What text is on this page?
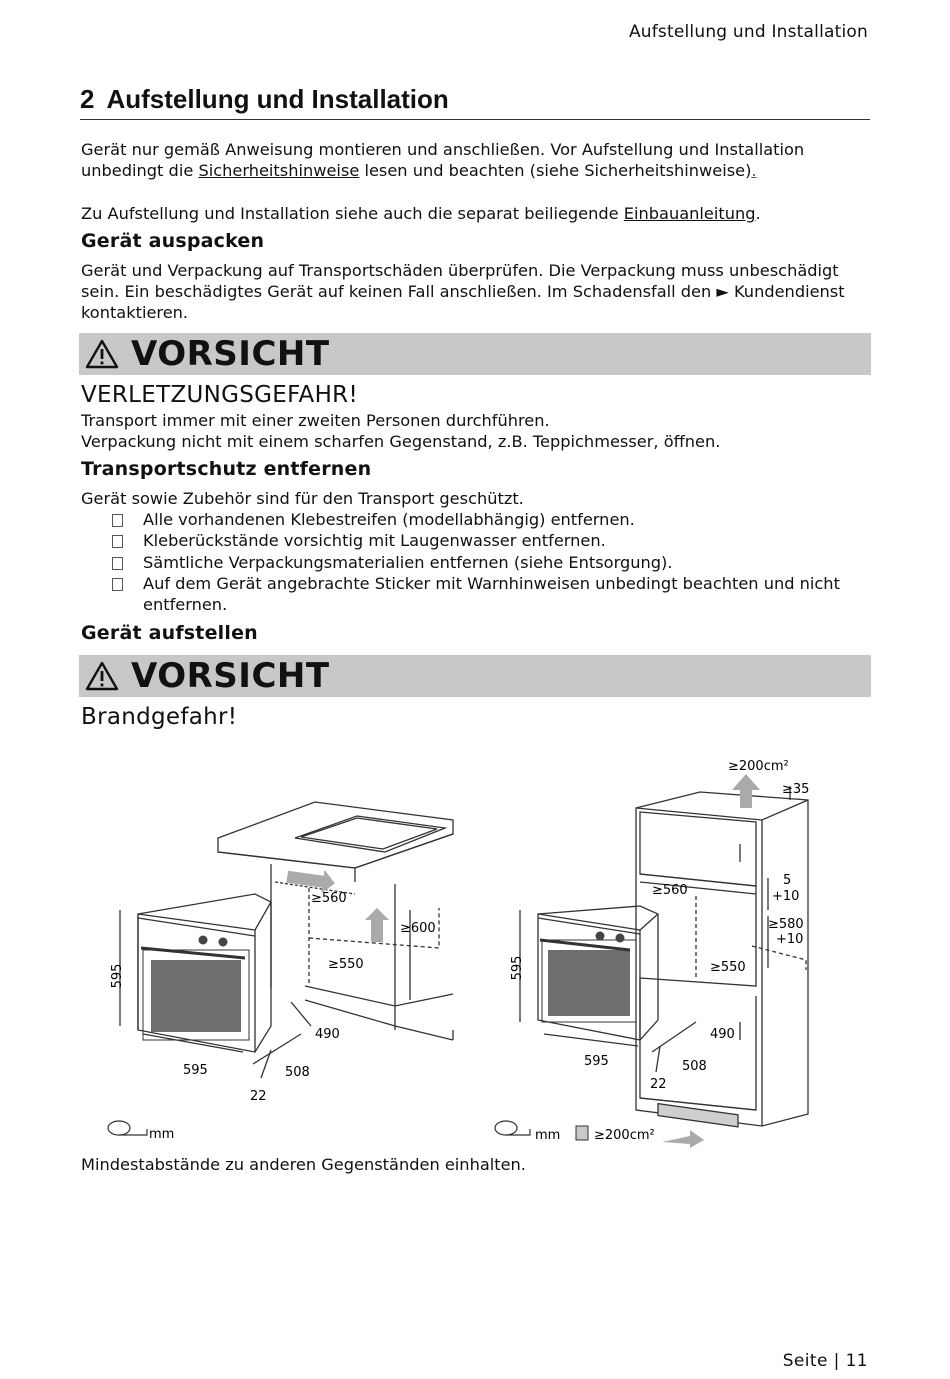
Aufstellung und Installation
2 Aufstellung und Installation
Gerät nur gemäß Anweisung montieren und anschließen. Vor Aufstellung und Installation unbedingt die Sicherheitshinweise lesen und beachten (siehe Sicherheitshinweise).
Zu Aufstellung und Installation siehe auch die separat beiliegende Einbauanleitung.
Gerät auspacken
Gerät und Verpackung auf Transportschäden überprüfen. Die Verpackung muss unbeschädigt sein. Ein beschädigtes Gerät auf keinen Fall anschließen. Im Schadensfall den ► Kundendienst kontaktieren.
VORSICHT
VERLETZUNGSGEFAHR!
Transport immer mit einer zweiten Personen durchführen.
Verpackung nicht mit einem scharfen Gegenstand, z.B. Teppichmesser, öffnen.
Transportschutz entfernen
Gerät sowie Zubehör sind für den Transport geschützt.
Alle vorhandenen Klebestreifen (modellabhängig) entfernen.
Kleberückstände vorsichtig mit Laugenwasser entfernen.
Sämtliche Verpackungsmaterialien entfernen (siehe Entsorgung).
Auf dem Gerät angebrachte Sticker mit Warnhinweisen unbedingt beachten und nicht entfernen.
Gerät aufstellen
VORSICHT
Brandgefahr!
595
≥560
≥600
≥550
490
595	508
22
mm
≥200cm²
≥35
≥560
5
+10
≥580
+10
≥550
595
490
595	508
22
mm	≥200cm²
Mindestabstände zu anderen Gegenständen einhalten.
Seite | 11
